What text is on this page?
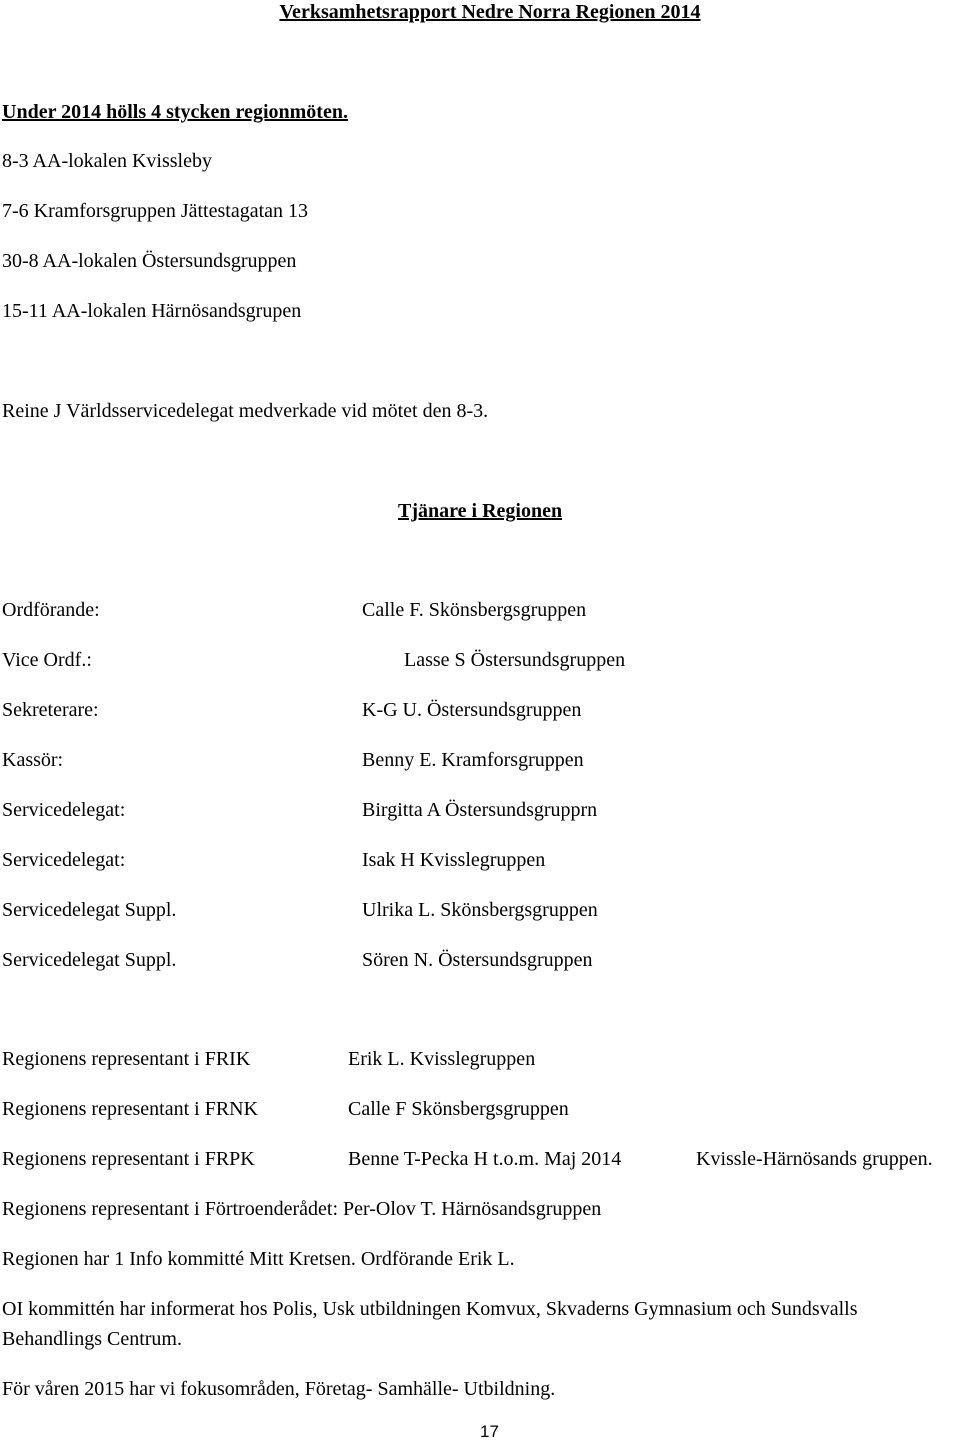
Verksamhetsrapport Nedre Norra Regionen 2014
Under 2014 hölls 4 stycken regionmöten.
8-3 AA-lokalen Kvissleby
7-6 Kramforsgruppen Jättestagatan 13
30-8 AA-lokalen Östersundsgruppen
15-11 AA-lokalen Härnösandsgrupen
Reine J Världsservicedelegat medverkade vid mötet den 8-3.
Tjänare i Regionen
Ordförande:	Calle F. Skönsbergsgruppen
Vice Ordf.:	Lasse S Östersundsgruppen
Sekreterare:	K-G U. Östersundsgruppen
Kassör:	Benny E. Kramforsgruppen
Servicedelegat:	Birgitta A Östersundsgrupprn
Servicedelegat:	Isak H Kvisslegruppen
Servicedelegat Suppl.	Ulrika L. Skönsbergsgruppen
Servicedelegat Suppl.	Sören N. Östersundsgruppen
Regionens representant i FRIK	Erik L. Kvisslegruppen
Regionens representant i FRNK	Calle F Skönsbergsgruppen
Regionens representant i FRPK	Benne T-Pecka H t.o.m. Maj 2014	Kvissle-Härnösands gruppen.
Regionens representant i Förtroenderådet: Per-Olov T. Härnösandsgruppen
Regionen har 1 Info kommitté Mitt Kretsen. Ordförande Erik L.
OI kommittén har informerat hos Polis, Usk utbildningen Komvux, Skvaderns Gymnasium och Sundsvalls
Behandlings Centrum.
För våren 2015 har vi fokusområden, Företag- Samhälle- Utbildning.
17
